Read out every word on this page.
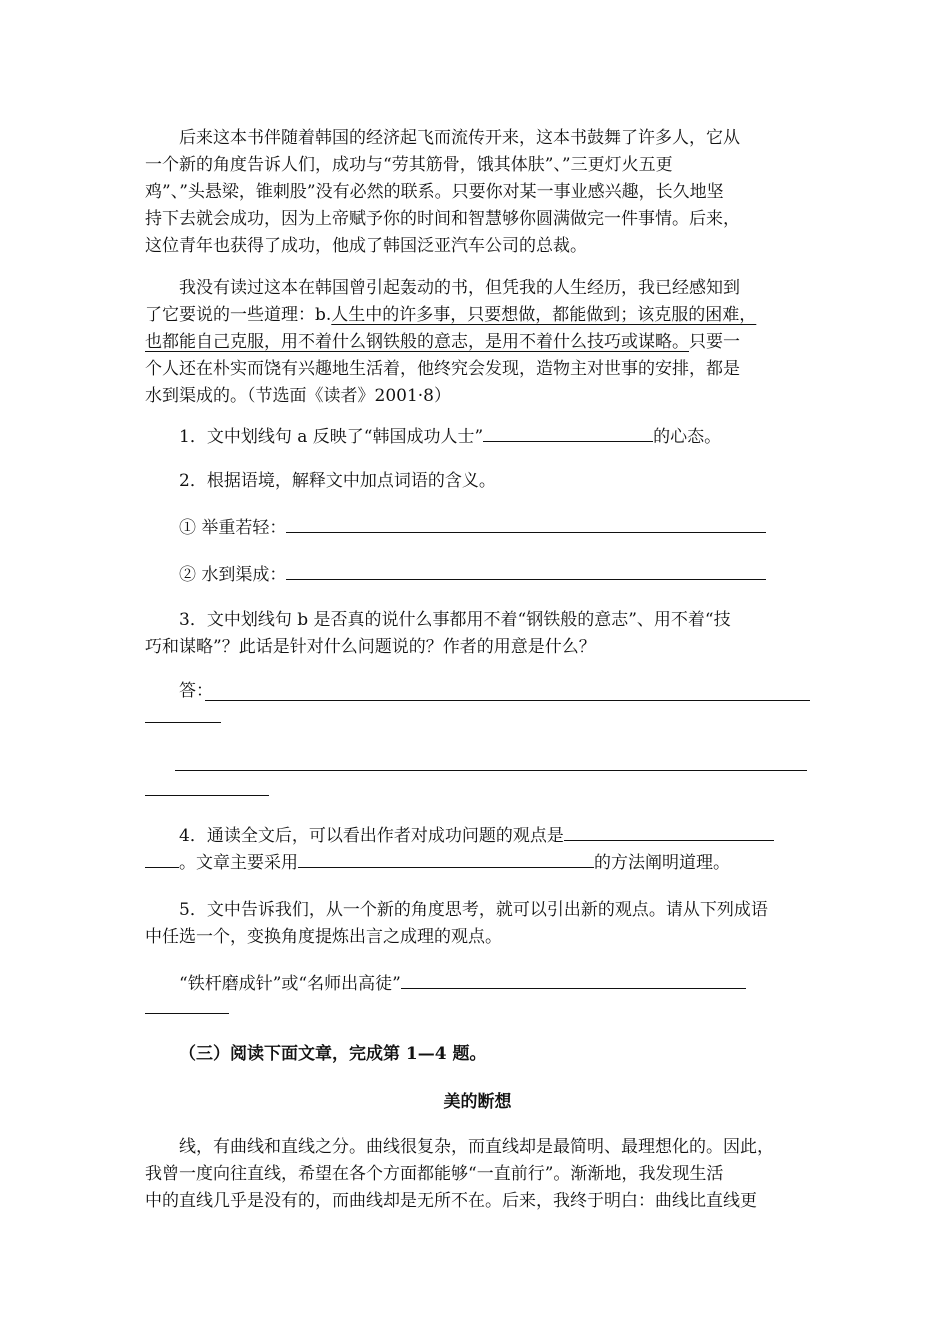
后来这本书伴随着韩国的经济起飞而流传开来，这本书鼓舞了许多人，它从
一个新的角度告诉人们，成功与“劳其筋骨，饿其体肤”、”三更灯火五更
鸡”、”头悬梁，锥刺股”没有必然的联系。只要你对某一事业感兴趣，长久地坚
持下去就会成功，因为上帝赋予你的时间和智慧够你圆满做完一件事情。后来，
这位青年也获得了成功，他成了韩国泛亚汽车公司的总裁。
我没有读过这本在韩国曾引起轰动的书，但凭我的人生经历，我已经感知到
了它要说的一些道理：b.人生中的许多事，只要想做，都能做到；该克服的困难，
也都能自己克服，用不着什么钢铁般的意志，是用不着什么技巧或谋略。只要一
个人还在朴实而饶有兴趣地生活着，他终究会发现，造物主对世事的安排，都是
水到渠成的。（节选面《读者》2001·8）
1．文中划线句 a 反映了“韩国成功人士”	的心态。
2．根据语境，解释文中加点词语的含义。
① 举重若轻：
② 水到渠成：
3．文中划线句 b 是否真的说什么事都用不着“钢铁般的意志”、用不着“技
巧和谋略”？此话是针对什么问题说的？作者的用意是什么？
答：
4．通读全文后，可以看出作者对成功问题的观点是
。文章主要采用	的方法阐明道理。
5．文中告诉我们，从一个新的角度思考，就可以引出新的观点。请从下列成语
中任选一个，变换角度提炼出言之成理的观点。
“铁杆磨成针”或“名师出高徒”
（三）阅读下面文章，完成第 1—4 题。
美的断想
线，有曲线和直线之分。曲线很复杂，而直线却是最简明、最理想化的。因此，
我曾一度向往直线，希望在各个方面都能够“一直前行”。渐渐地，我发现生活
中的直线几乎是没有的，而曲线却是无所不在。后来，我终于明白：曲线比直线更
